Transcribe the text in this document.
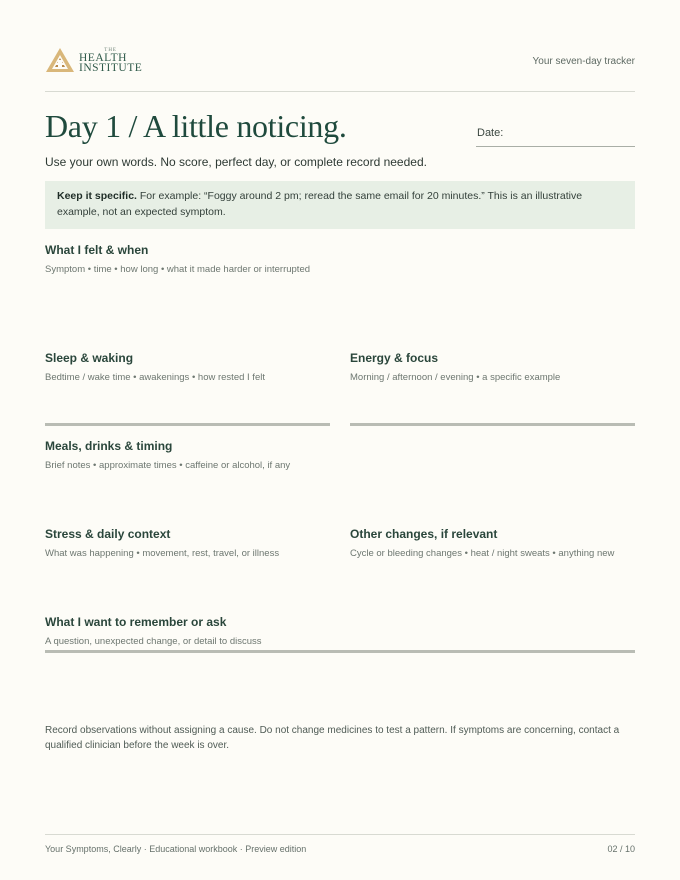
THE
HEALTH
INSTITUTE	Your seven-day tracker
Day 1 / A little noticing.	Date:
Use your own words. No score, perfect day, or complete record needed.
Keep it specific. For example: “Foggy around 2 pm; reread the same email for 20 minutes.” This is an illustrative example, not an expected symptom.
What I felt & when
Symptom • time • how long • what it made harder or interrupted
Sleep & waking
Bedtime / wake time • awakenings • how rested I felt
Energy & focus
Morning / afternoon / evening • a specific example
Meals, drinks & timing
Brief notes • approximate times • caffeine or alcohol, if any
Stress & daily context
What was happening • movement, rest, travel, or illness
Other changes, if relevant
Cycle or bleeding changes • heat / night sweats • anything new
What I want to remember or ask
A question, unexpected change, or detail to discuss
Record observations without assigning a cause. Do not change medicines to test a pattern. If symptoms are concerning, contact a qualified clinician before the week is over.
Your Symptoms, Clearly · Educational workbook · Preview edition	02 / 10
